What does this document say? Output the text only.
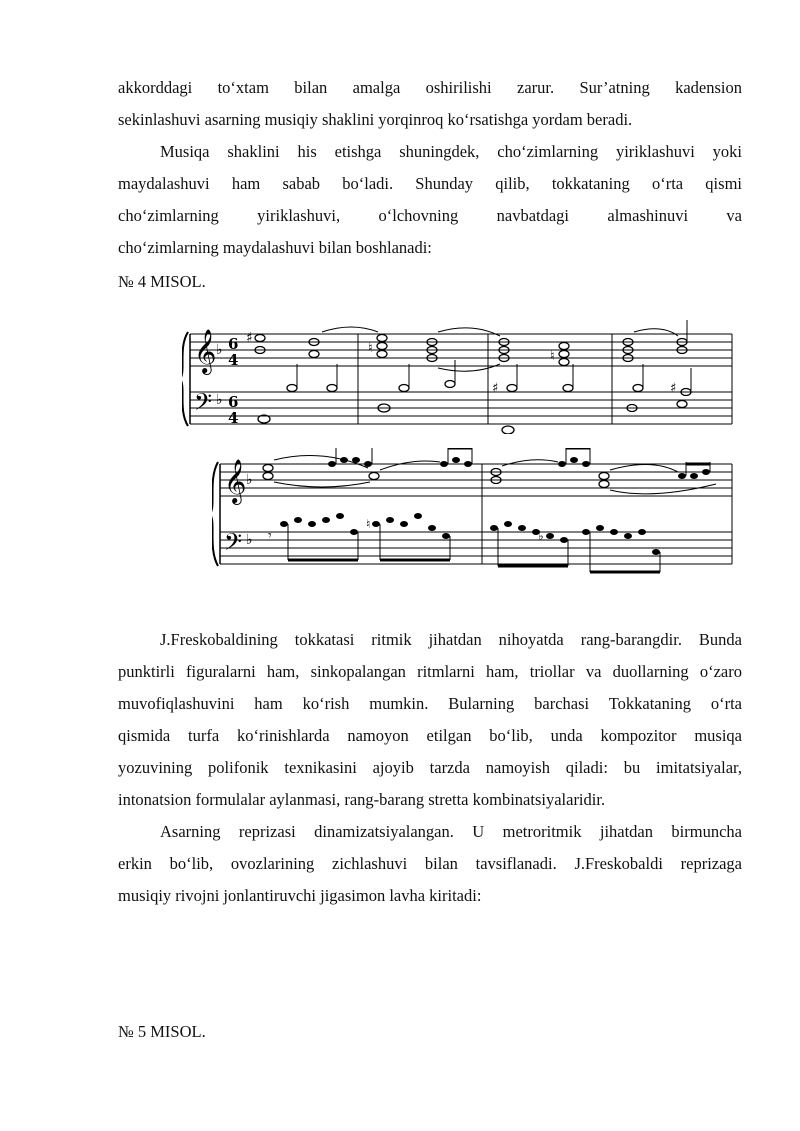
akkorddagi to‘xtam bilan amalga oshirilishi zarur. Sur’atning kadension
sekinlashuvi asarning musiqiy shaklini yorqinroq ko‘rsatishga yordam beradi.
Musiqa shaklini his etishga shuningdek, cho‘zimlarning yiriklashuvi yoki
maydalashuvi ham sabab bo‘ladi. Shunday qilib, tokkataning o‘rta qismi
cho‘zimlarning yiriklashuvi, o‘lchovning navbatdagi almashinuvi va
cho‘zimlarning maydalashuvi bilan boshlanadi:
№ 4 MISOL.
𝄞
𝄢
♭
♭
6
4
6
4
♯
♮
♮
♯	♯
𝄞
𝄢
♭
♭ 𝄾
♮
♭
J.Freskobaldining tokkatasi ritmik jihatdan nihoyatda rang-barangdir. Bunda
punktirli figuralarni ham, sinkopalangan ritmlarni ham, triollar va duollarning o‘zaro
muvofiqlashuvini ham ko‘rish mumkin. Bularning barchasi Tokkataning o‘rta
qismida turfa ko‘rinishlarda namoyon etilgan bo‘lib, unda kompozitor musiqa
yozuvining polifonik texnikasini ajoyib tarzda namoyish qiladi: bu imitatsiyalar,
intonatsion formulalar aylanmasi, rang-barang stretta kombinatsiyalaridir.
Asarning reprizasi dinamizatsiyalangan. U metroritmik jihatdan birmuncha
erkin bo‘lib, ovozlarining zichlashuvi bilan tavsiflanadi. J.Freskobaldi reprizaga
musiqiy rivojni jonlantiruvchi jigasimon lavha kiritadi:
№ 5 MISOL.
